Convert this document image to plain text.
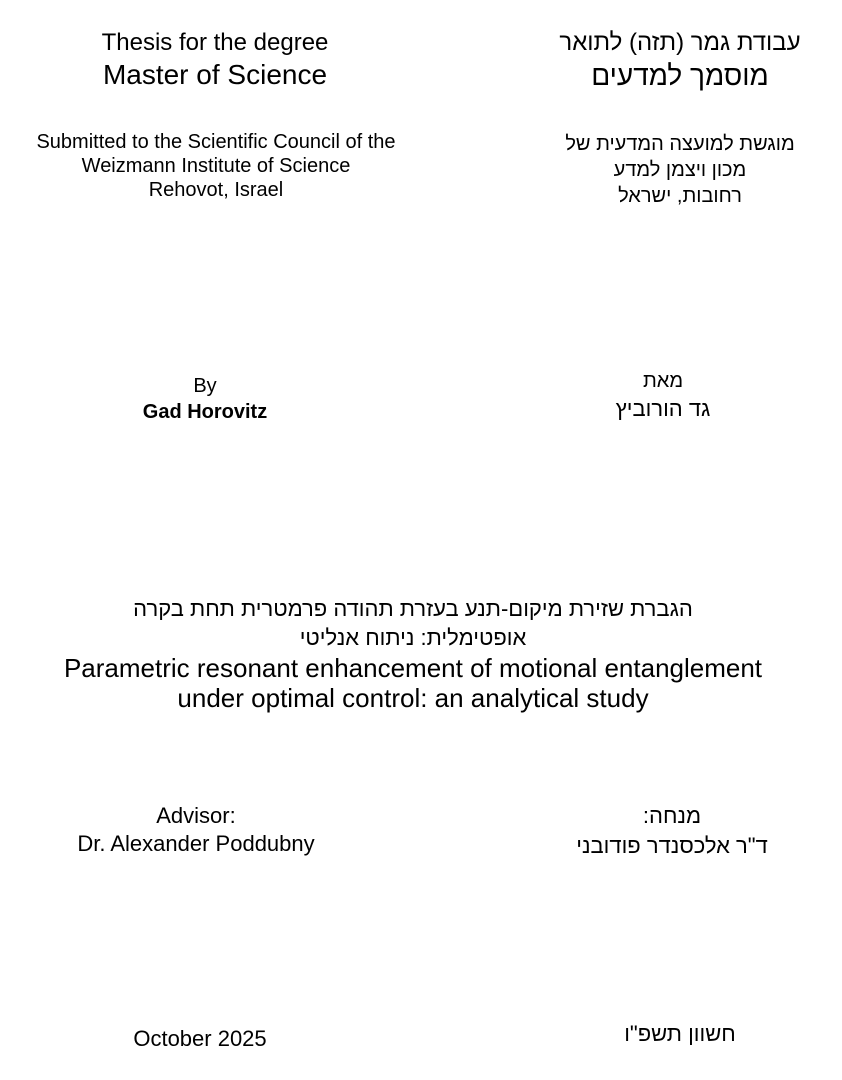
Thesis for the degree
Master of Science
עבודת גמר (תזה) לתואר
מוסמך למדעים
Submitted to the Scientific Council of the
Weizmann Institute of Science
Rehovot, Israel
מוגשת למועצה המדעית של
מכון ויצמן למדע
רחובות, ישראל
By
Gad Horovitz
מאת
גד הורוביץ
הגברת שזירת מיקום-תנע בעזרת תהודה פרמטרית תחת בקרה
אופטימלית: ניתוח אנליטי
Parametric resonant enhancement of motional entanglement
under optimal control: an analytical study
Advisor:
Dr. Alexander Poddubny
מנחה:
ד"ר אלכסנדר פודובני
October 2025	חשוון תשפ"ו
